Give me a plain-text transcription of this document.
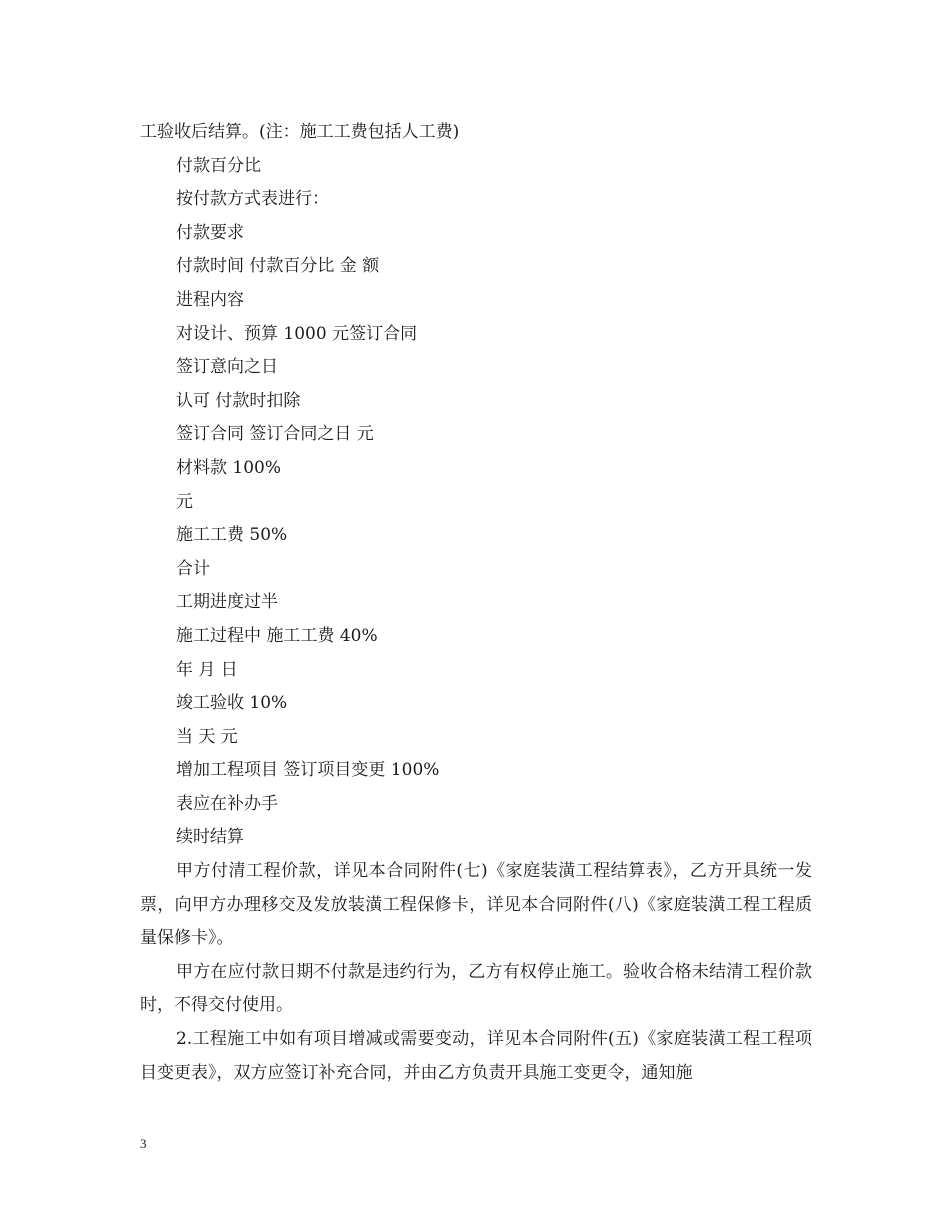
工验收后结算。(注：施工工费包括人工费)
付款百分比
按付款方式表进行：
付款要求
付款时间 付款百分比 金 额
进程内容
对设计、预算 1000 元签订合同
签订意向之日
认可 付款时扣除
签订合同 签订合同之日 元
材料款 100%
元
施工工费 50%
合计
工期进度过半
施工过程中 施工工费 40%
年 月 日
竣工验收 10%
当 天 元
增加工程项目 签订项目变更 100%
表应在补办手
续时结算

甲方付清工程价款，详见本合同附件(七)《家庭装潢工程结算表》，乙方开具统一发票，向甲方办理移交及发放装潢工程保修卡，详见本合同附件(八)《家庭装潢工程工程质量保修卡》。

甲方在应付款日期不付款是违约行为，乙方有权停止施工。验收合格未结清工程价款时，不得交付使用。

2.工程施工中如有项目增减或需要变动，详见本合同附件(五)《家庭装潢工程工程项目变更表》，双方应签订补充合同，并由乙方负责开具施工变更令，通知施

3
